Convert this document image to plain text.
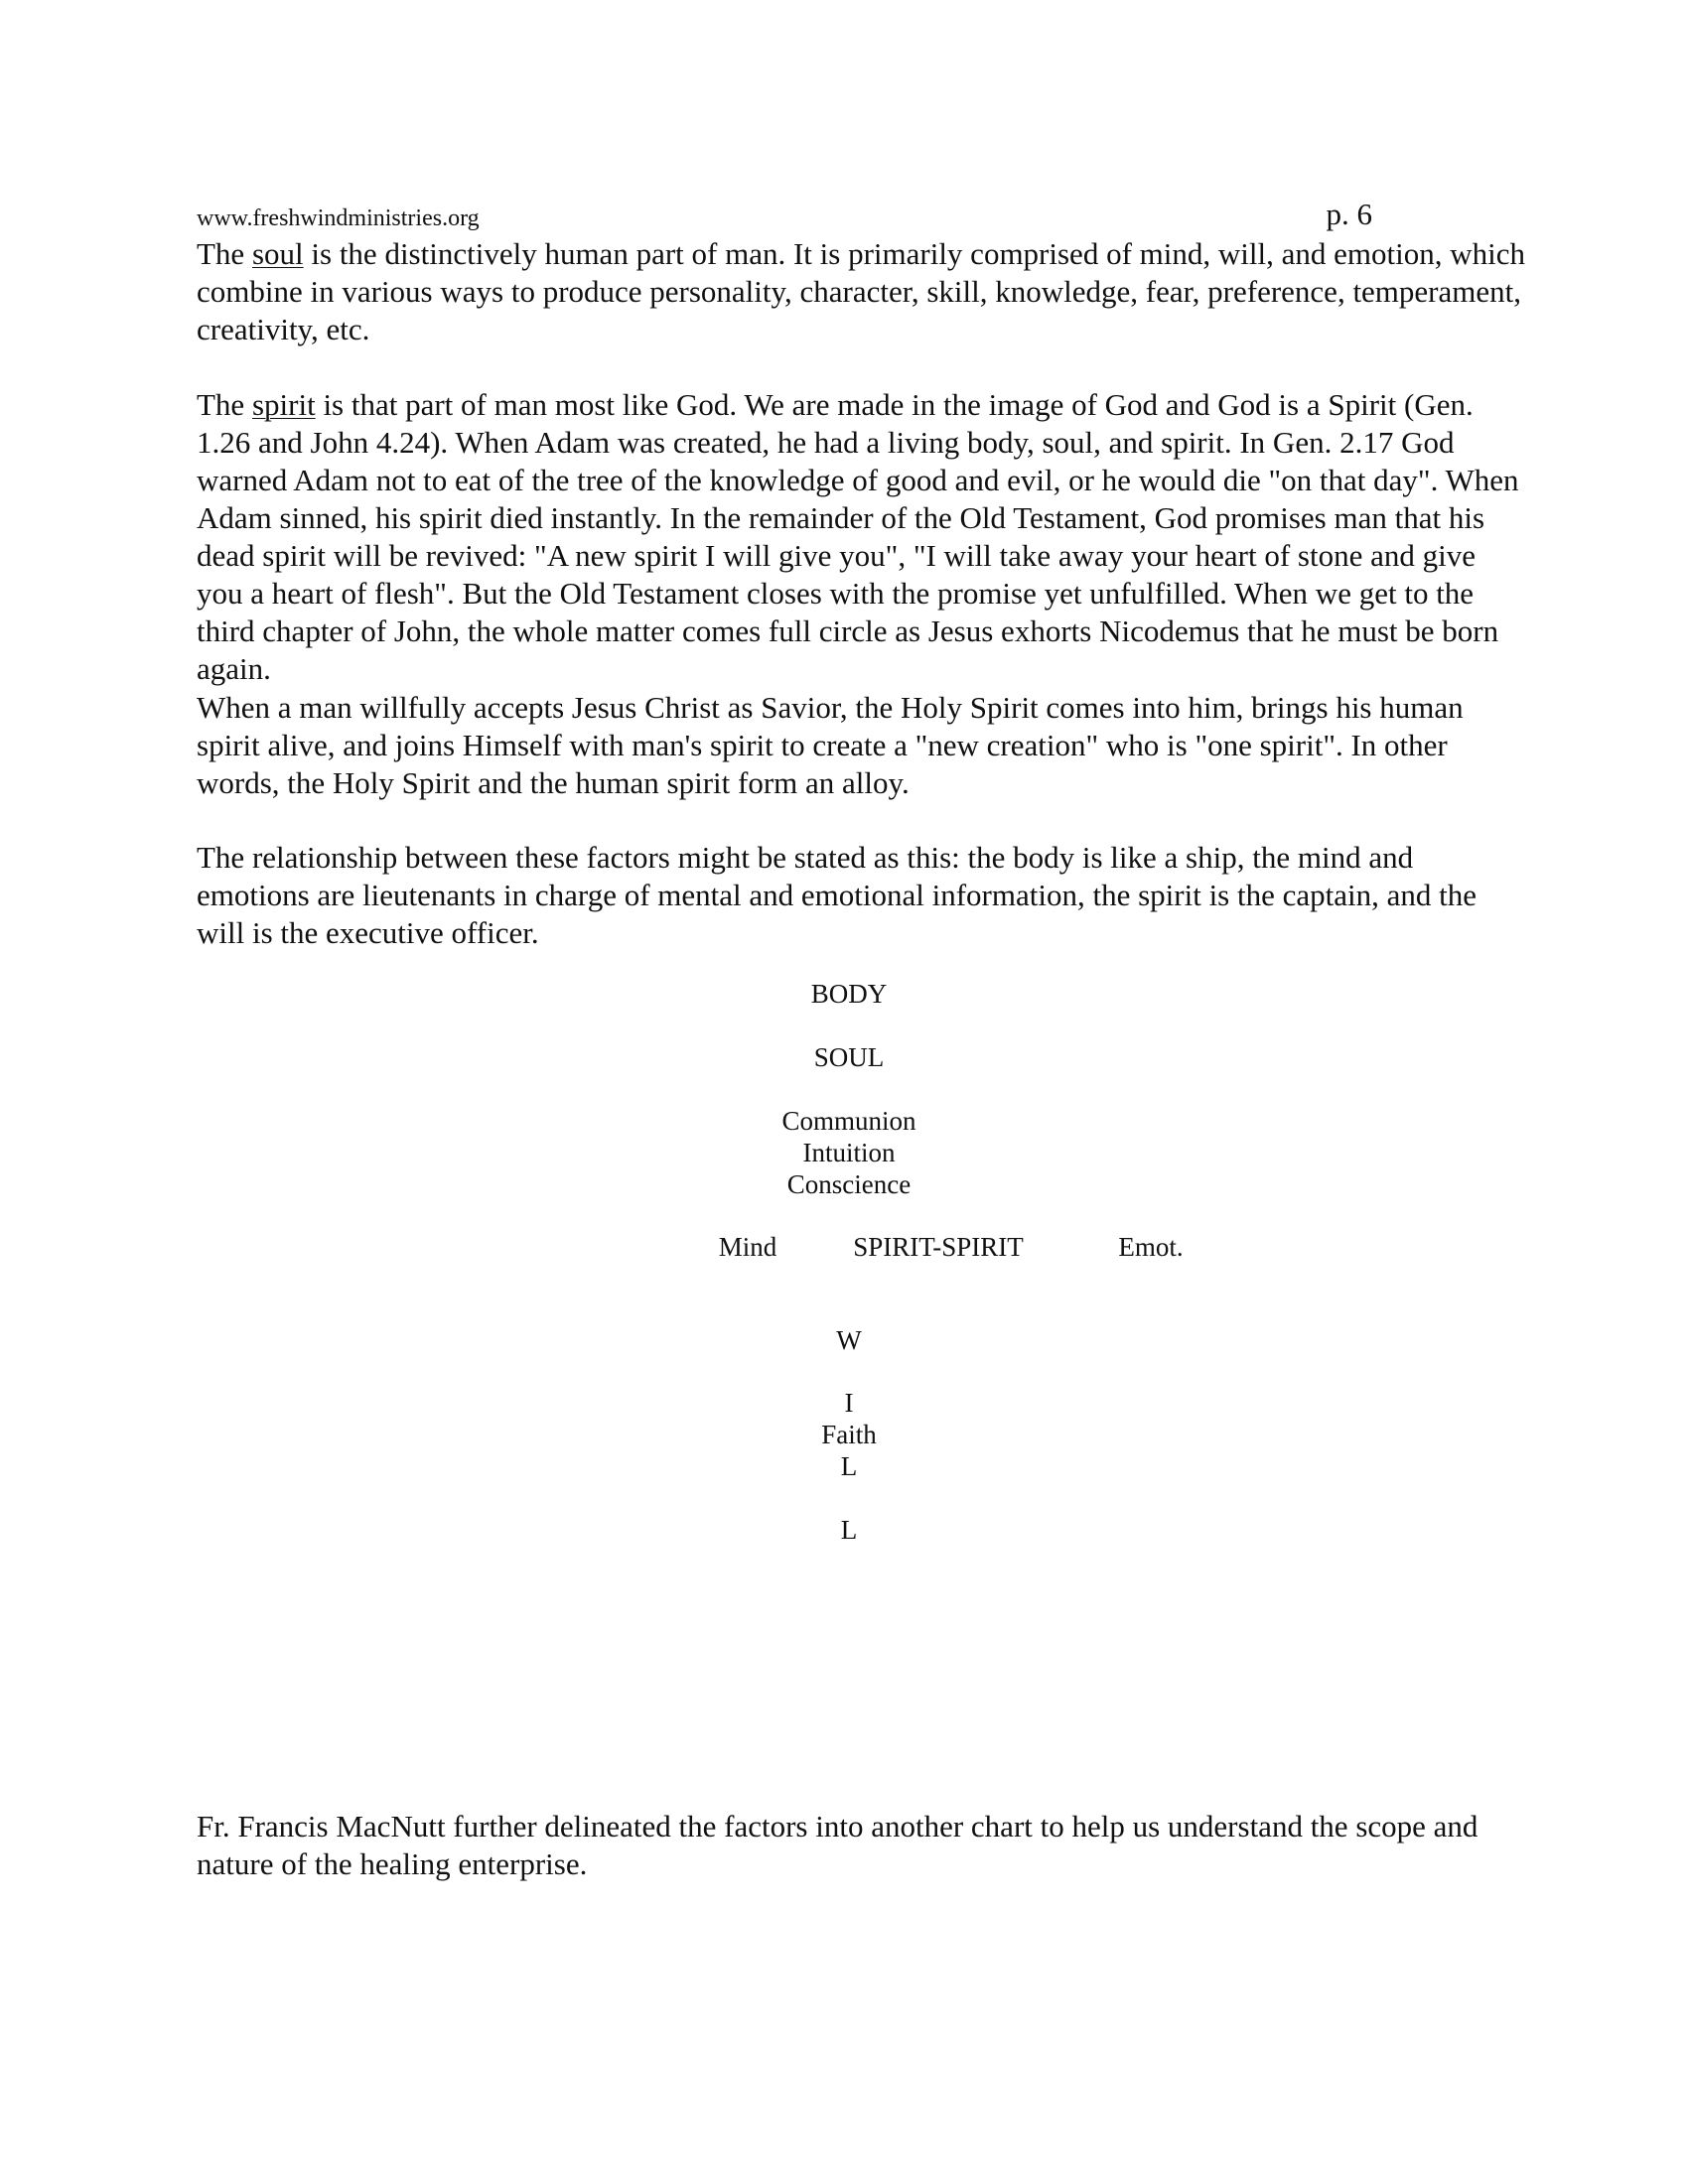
www.freshwindministries.org	p. 6

The soul is the distinctively human part of man. It is primarily comprised of mind, will, and emotion, which combine in various ways to produce personality, character, skill, knowledge, fear, preference, temperament, creativity, etc.

The spirit is that part of man most like God. We are made in the image of God and God is a Spirit (Gen. 1.26 and John 4.24). When Adam was created, he had a living body, soul, and spirit. In Gen. 2.17 God warned Adam not to eat of the tree of the knowledge of good and evil, or he would die "on that day". When Adam sinned, his spirit died instantly. In the remainder of the Old Testament, God promises man that his dead spirit will be revived: "A new spirit I will give you", "I will take away your heart of stone and give you a heart of flesh". But the Old Testament closes with the promise yet unfulfilled. When we get to the third chapter of John, the whole matter comes full circle as Jesus exhorts Nicodemus that he must be born again.

When a man willfully accepts Jesus Christ as Savior, the Holy Spirit comes into him, brings his human spirit alive, and joins Himself with man's spirit to create a "new creation" who is "one spirit". In other words, the Holy Spirit and the human spirit form an alloy.

The relationship between these factors might be stated as this: the body is like a ship, the mind and emotions are lieutenants in charge of mental and emotional information, the spirit is the captain, and the will is the executive officer.

BODY
SOUL
Communion
Intuition
Conscience
Mind	SPIRIT-SPIRIT	Emot.
W
I
Faith
L
L

Fr. Francis MacNutt further delineated the factors into another chart to help us understand the scope and nature of the healing enterprise.
